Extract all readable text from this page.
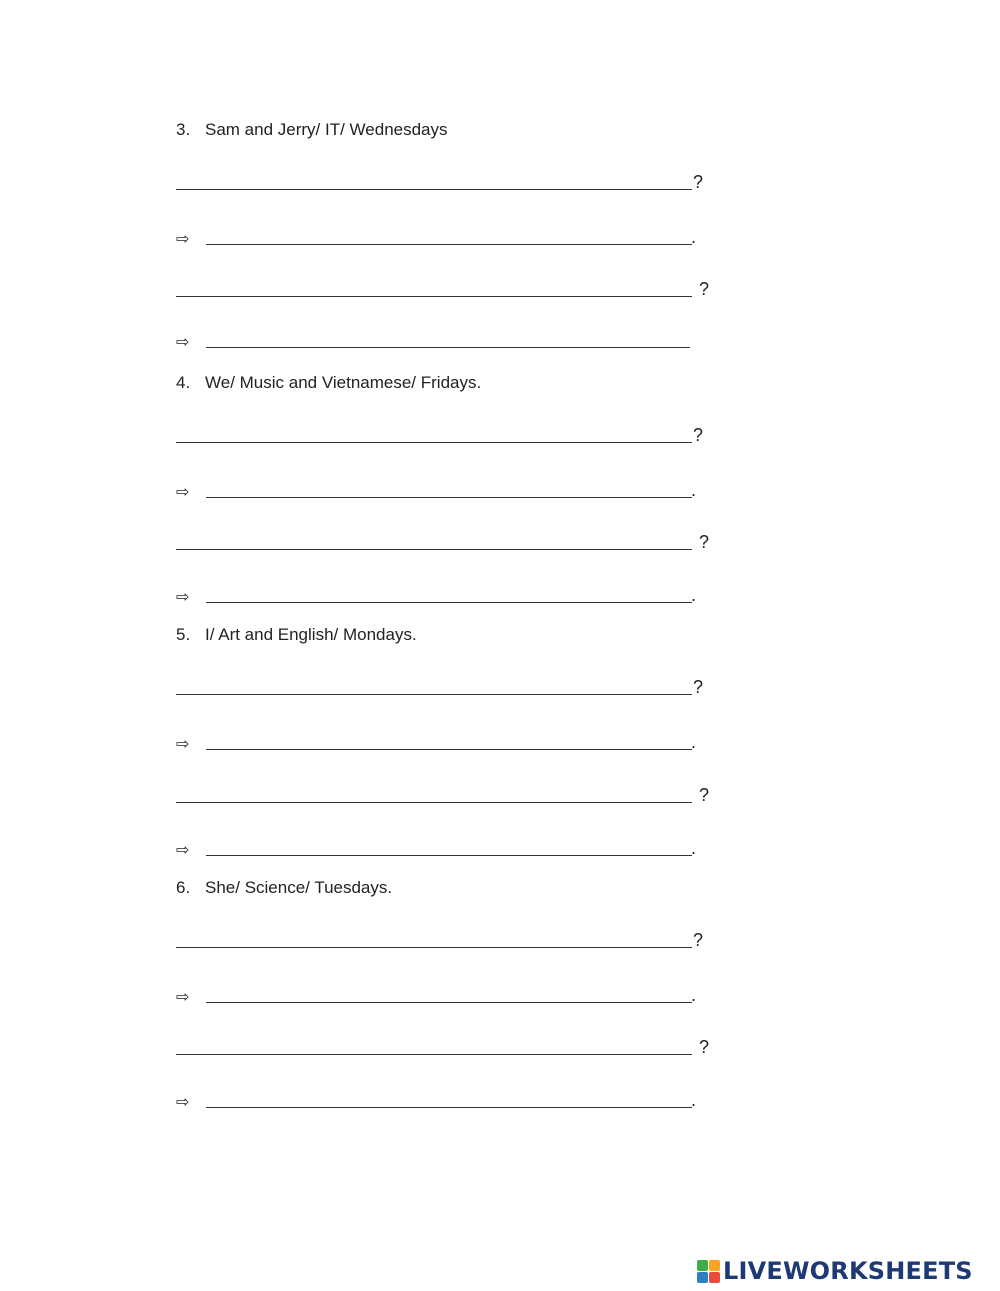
3. Sam and Jerry/ IT/ Wednesdays
?
⇨	.
?
⇨
4. We/ Music and Vietnamese/ Fridays.
?
⇨	.
?
⇨	.
5. I/ Art and English/ Mondays.
?
⇨	.
?
⇨	.
6. She/ Science/ Tuesdays.
?
⇨	.
?
⇨	.
LIVEWORKSHEETS
